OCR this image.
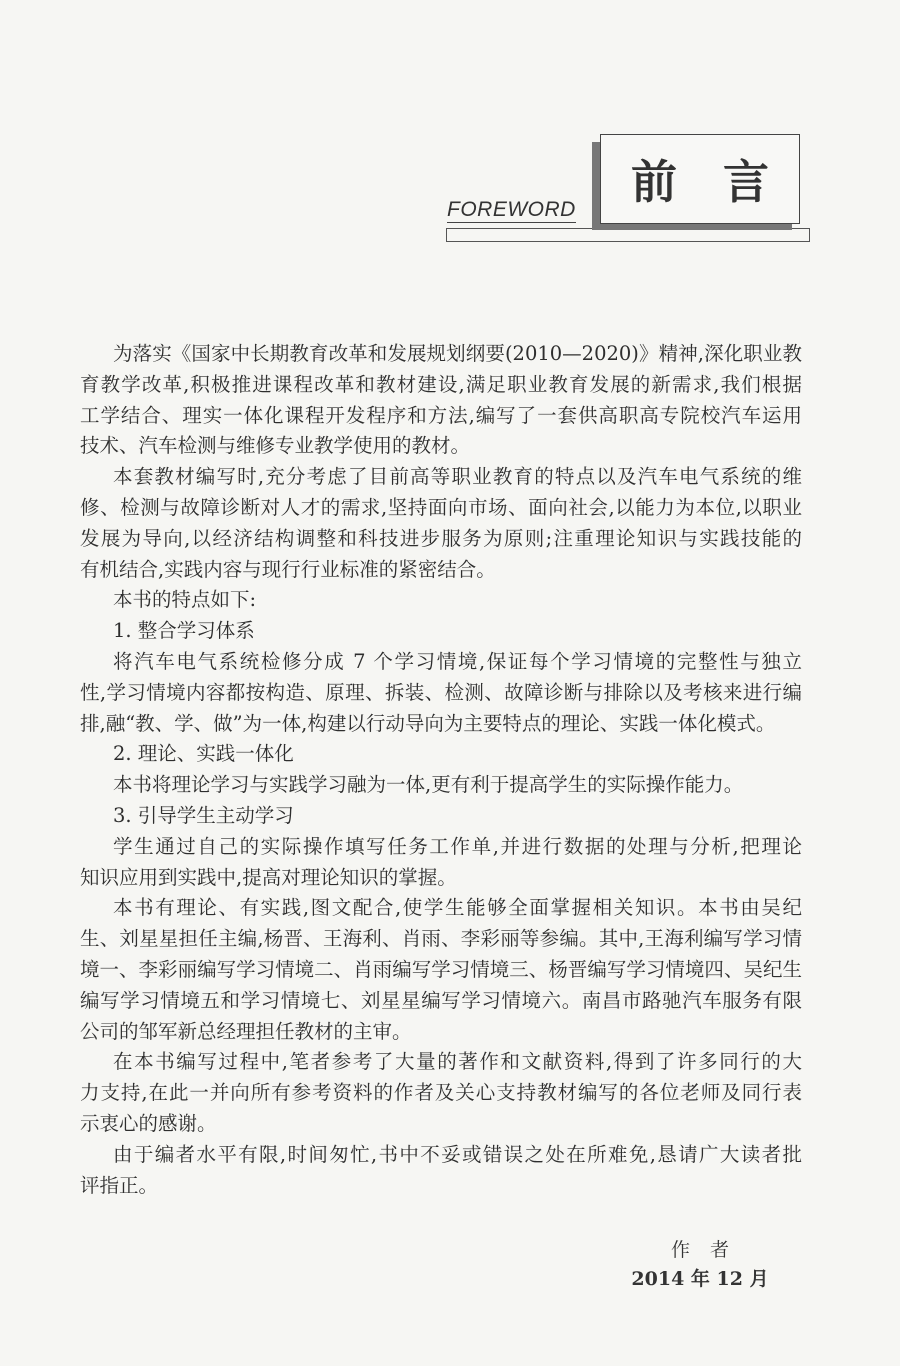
前言
FOREWORD
为落实《国家中长期教育改革和发展规划纲要(2010—2020)》精神,深化职业教
育教学改革,积极推进课程改革和教材建设,满足职业教育发展的新需求,我们根据
工学结合、理实一体化课程开发程序和方法,编写了一套供高职高专院校汽车运用
技术、汽车检测与维修专业教学使用的教材。
本套教材编写时,充分考虑了目前高等职业教育的特点以及汽车电气系统的维
修、检测与故障诊断对人才的需求,坚持面向市场、面向社会,以能力为本位,以职业
发展为导向,以经济结构调整和科技进步服务为原则;注重理论知识与实践技能的
有机结合,实践内容与现行行业标准的紧密结合。
本书的特点如下:
1. 整合学习体系
将汽车电气系统检修分成 7 个学习情境,保证每个学习情境的完整性与独立
性,学习情境内容都按构造、原理、拆装、检测、故障诊断与排除以及考核来进行编
排,融“教、学、做”为一体,构建以行动导向为主要特点的理论、实践一体化模式。
2. 理论、实践一体化
本书将理论学习与实践学习融为一体,更有利于提高学生的实际操作能力。
3. 引导学生主动学习
学生通过自己的实际操作填写任务工作单,并进行数据的处理与分析,把理论
知识应用到实践中,提高对理论知识的掌握。
本书有理论、有实践,图文配合,使学生能够全面掌握相关知识。本书由吴纪
生、刘星星担任主编,杨晋、王海利、肖雨、李彩丽等参编。其中,王海利编写学习情
境一、李彩丽编写学习情境二、肖雨编写学习情境三、杨晋编写学习情境四、吴纪生
编写学习情境五和学习情境七、刘星星编写学习情境六。南昌市路驰汽车服务有限
公司的邹军新总经理担任教材的主审。
在本书编写过程中,笔者参考了大量的著作和文献资料,得到了许多同行的大
力支持,在此一并向所有参考资料的作者及关心支持教材编写的各位老师及同行表
示衷心的感谢。
由于编者水平有限,时间匆忙,书中不妥或错误之处在所难免,恳请广大读者批
评指正。
作者
2014 年 12 月
